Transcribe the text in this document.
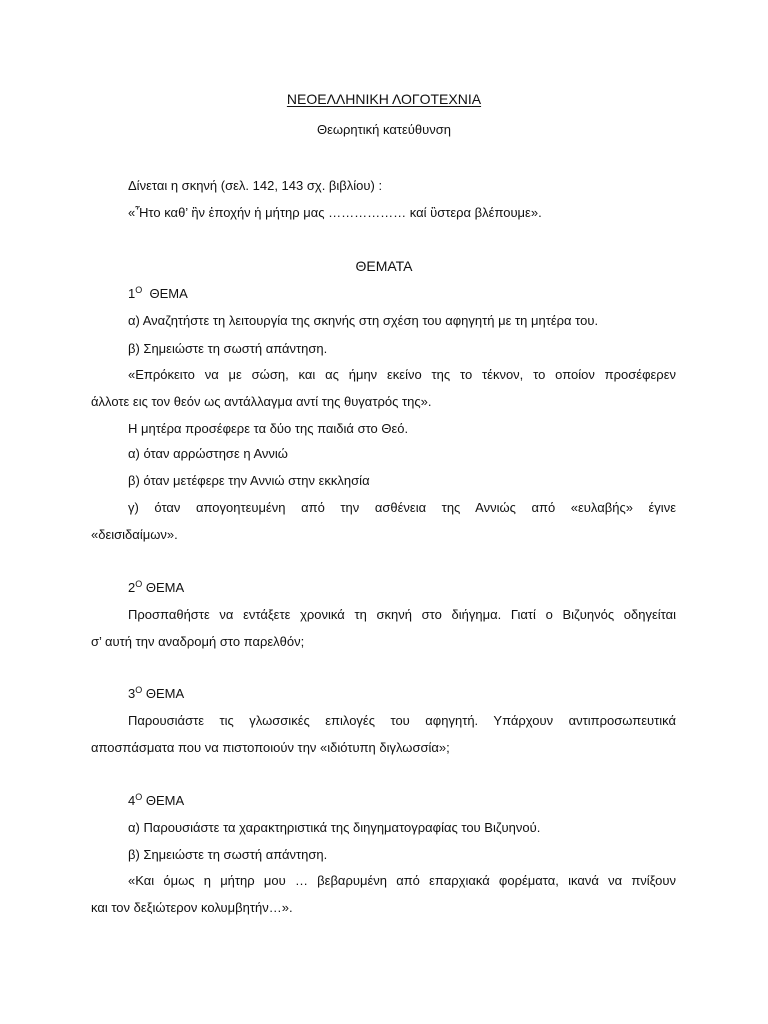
ΝΕΟΕΛΛΗΝΙΚΗ ΛΟΓΟΤΕΧΝΙΑ
Θεωρητική κατεύθυνση
Δίνεται η σκηνή (σελ. 142, 143 σχ. βιβλίου) :
«Ἦτο καθ’ ἣν ἐποχήν ἡ μήτηρ μας ……………… καί ὓστερα βλέπουμε».
ΘΕΜΑΤΑ
$1^O$ ΘΕΜΑ
α) Αναζητήστε τη λειτουργία της σκηνής στη σχέση του αφηγητή με τη μητέρα του.
β) Σημειώστε τη σωστή απάντηση.
«Επρόκειτο να με σώση, και ας ήμην εκείνο της το τέκνον, το οποίον προσέφερεν
άλλοτε εις τον θεόν ως αντάλλαγμα αντί της θυγατρός της».
Η μητέρα προσέφερε τα δύο της παιδιά στο Θεό.
α) όταν αρρώστησε η Αννιώ
β) όταν μετέφερε την Αννιώ στην εκκλησία
γ) όταν απογοητευμένη από την ασθένεια της Αννιώς από «ευλαβής» έγινε
«δεισιδαίμων».
$2^O$ ΘΕΜΑ
Προσπαθήστε να εντάξετε χρονικά τη σκηνή στο διήγημα. Γιατί ο Βιζυηνός οδηγείται
σ’ αυτή την αναδρομή στο παρελθόν;
$3^O$ ΘΕΜΑ
Παρουσιάστε τις γλωσσικές επιλογές του αφηγητή. Υπάρχουν αντιπροσωπευτικά
αποσπάσματα που να πιστοποιούν την «ιδιότυπη διγλωσσία»;
$4^O$ ΘΕΜΑ
α) Παρουσιάστε τα χαρακτηριστικά της διηγηματογραφίας του Βιζυηνού.
β) Σημειώστε τη σωστή απάντηση.
«Και όμως η μήτηρ μου … βεβαρυμένη από επαρχιακά φορέματα, ικανά να πνίξουν
και τον δεξιώτερον κολυμβητήν…».
